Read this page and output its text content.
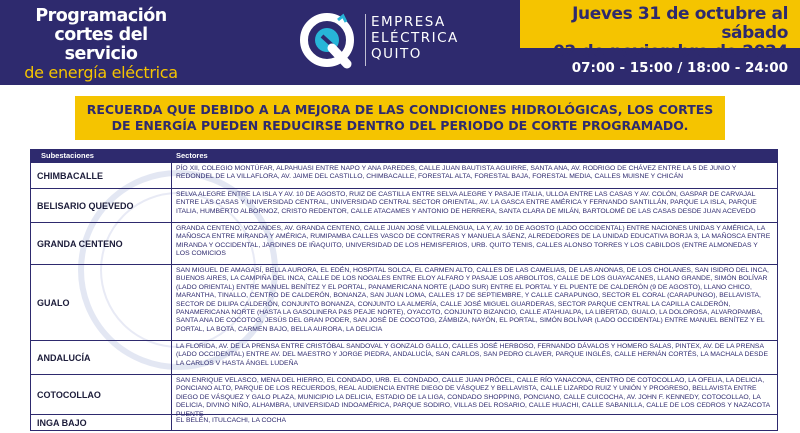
Programación
cortes del servicio
de energía eléctrica
EMPRESA
ELÉCTRICA
QUITO
Jueves 31 de octubre al sábado
02 de noviembre de 2024
07:00 - 15:00 / 18:00 - 24:00
RECUERDA QUE DEBIDO A LA MEJORA DE LAS CONDICIONES HIDROLÓGICAS, LOS CORTES
DE ENERGÍA PUEDEN REDUCIRSE DENTRO DEL PERIODO DE CORTE PROGRAMADO.
Subestaciones	Sectores
CHIMBACALLE
PÍO XII, COLEGIO MONTÚFAR, ALPAHUASI ENTRE NAPO Y ANA PAREDES, CALLE JUAN BAUTISTA AGUIRRE, SANTA ANA, AV. RODRIGO DE CHÁVEZ ENTRE LA 5 DE JUNIO Y REDONDEL DE LA VILLAFLORA, AV. JAIME DEL CASTILLO, CHIMBACALLE, FORESTAL ALTA, FORESTAL BAJA, FORESTAL MEDIA, CALLES MUISNE Y CHICÁN
BELISARIO QUEVEDO
SELVA ALEGRE ENTRE LA ISLA Y AV. 10 DE AGOSTO, RUIZ DE CASTILLA ENTRE SELVA ALEGRE Y PASAJE ITALIA, ULLOA ENTRE LAS CASAS Y AV. COLÓN, GASPAR DE CARVAJAL ENTRE LAS CASAS Y UNIVERSIDAD CENTRAL, UNIVERSIDAD CENTRAL SECTOR ORIENTAL, AV. LA GASCA ENTRE AMÉRICA Y FERNANDO SANTILLÁN, PARQUE LA ISLA, PARQUE ITALIA, HUMBERTO ALBORNOZ, CRISTO REDENTOR, CALLE ATACAMES Y ANTONIO DE HERRERA, SANTA CLARA DE MILÁN, BARTOLOMÉ DE LAS CASAS DESDE JUAN ACEVEDO
GRANDA CENTENO
GRANDA CENTENO, VOZANDES, AV. GRANDA CENTENO, CALLE JUAN JOSÉ VILLALENGUA, LA Y, AV. 10 DE AGOSTO (LADO OCCIDENTAL) ENTRE NACIONES UNIDAS Y AMÉRICA, LA MAÑOSCA ENTRE MIRANDA Y AMÉRICA, RUMIPAMBA CALLES VASCO DE CONTRERAS Y MANUELA SÁENZ, ALREDEDORES DE LA UNIDAD EDUCATIVA BORJA 3, LA MAÑOSCA ENTRE MIRANDA Y OCCIDENTAL, JARDINES DE IÑAQUITO, UNIVERSIDAD DE LOS HEMISFERIOS, URB. QUITO TENIS, CALLES ALONSO TORRES Y LOS CABILDOS (ENTRE ALMONEDAS Y LOS COMICIOS
GUALO
SAN MIGUEL DE AMAGASÍ, BELLA AURORA, EL EDÉN, HOSPITAL SOLCA, EL CARMEN ALTO, CALLES DE LAS CAMELIAS, DE LAS ANONAS, DE LOS CHOLANES, SAN ISIDRO DEL INCA, BUENOS AIRES, LA CAMPIÑA DEL INCA, CALLE DE LOS NOGALES ENTRE ELOY ALFARO Y PASAJE LOS ARBOLITOS, CALLE DE LOS GUAYACANES, LLANO GRANDE, SIMÓN BOLÍVAR (LADO ORIENTAL) ENTRE MANUEL BENÍTEZ Y EL PORTAL, PANAMERICANA NORTE (LADO SUR) ENTRE EL PORTAL Y EL PUENTE DE CALDERÓN (9 DE AGOSTO), LLANO CHICO, MARANTHA, TINALLO, CENTRO DE CALDERÓN, BONANZA, SAN JUAN LOMA, CALLES 17 DE SEPTIEMBRE, Y CALLE CARAPUNGO, SECTOR EL CORAL (CARAPUNGO), BELLAVISTA, SECTOR DE DILIPA CALDERÓN, CONJUNTO BONANZA, CONJUNTO LA ALMERÍA, CALLE JOSÉ MIGUEL GUARDERAS, SECTOR PARQUE CENTRAL LA CAPILLA CALDERÓN, PANAMERICANA NORTE (HASTA LA GASOLINERA P&S PEAJE NORTE), OYACOTO, CONJUNTO BIZANCIO, CALLE ATAHUALPA, LA LIBERTAD, GUALO, LA DOLOROSA, ALVAROPAMBA, SANTA ANA DE COCOTOG, JESÚS DEL GRAN PODER, SAN JOSÉ DE COCOTOG, ZÁMBIZA, NAYÓN, EL PORTAL, SIMÓN BOLÍVAR (LADO OCCIDENTAL) ENTRE MANUEL BENÍTEZ Y EL PORTAL, LA BOTA, CARMEN BAJO, BELLA AURORA, LA DELICIA
ANDALUCÍA
LA FLORIDA, AV. DE LA PRENSA ENTRE CRISTÓBAL SANDOVAL Y GONZALO GALLO, CALLES JOSÉ HERBOSO, FERNANDO DÁVALOS Y HOMERO SALAS, PINTEX, AV. DE LA PRENSA (LADO OCCIDENTAL) ENTRE AV. DEL MAESTRO Y JORGE PIEDRA, ANDALUCÍA, SAN CARLOS, SAN PEDRO CLAVER, PARQUE INGLÉS, CALLE HERNÁN CORTÉS, LA MACHALA DESDE LA CARLOS V HASTA ÁNGEL LUDEÑA
COTOCOLLAO
SAN ENRIQUE VELASCO, MENA DEL HIERRO, EL CONDADO, URB. EL CONDADO, CALLE JUAN PRÓCEL, CALLE RÍO YANACONA, CENTRO DE COTOCOLLAO, LA OFELIA, LA DELICIA, PONCIANO ALTO, PARQUE DE LOS RECUERDOS, REAL AUDIENCIA ENTRE DIEGO DE VÁSQUEZ Y BELLAVISTA, CALLE LIZARDO RUIZ Y UNIÓN Y PROGRESO, BELLAVISTA ENTRE DIEGO DE VÁSQUEZ Y GALO PLAZA, MUNICIPIO LA DELICIA, ESTADIO DE LA LIGA, CONDADO SHOPPING, PONCIANO, CALLE CUICOCHA, AV. JOHN F. KENNEDY, COTOCOLLAO, LA DELICIA, DIVINO NIÑO, ALHAMBRA, UNIVERSIDAD INDOAMÉRICA, PARQUE SODIRO, VILLAS DEL ROSARIO, CALLE HUACHI, CALLE SABANILLA, CALLE DE LOS CEDROS Y NAZACOTA PUENTE
INGA BAJO	EL BELÉN, ITULCACHI, LA COCHA
